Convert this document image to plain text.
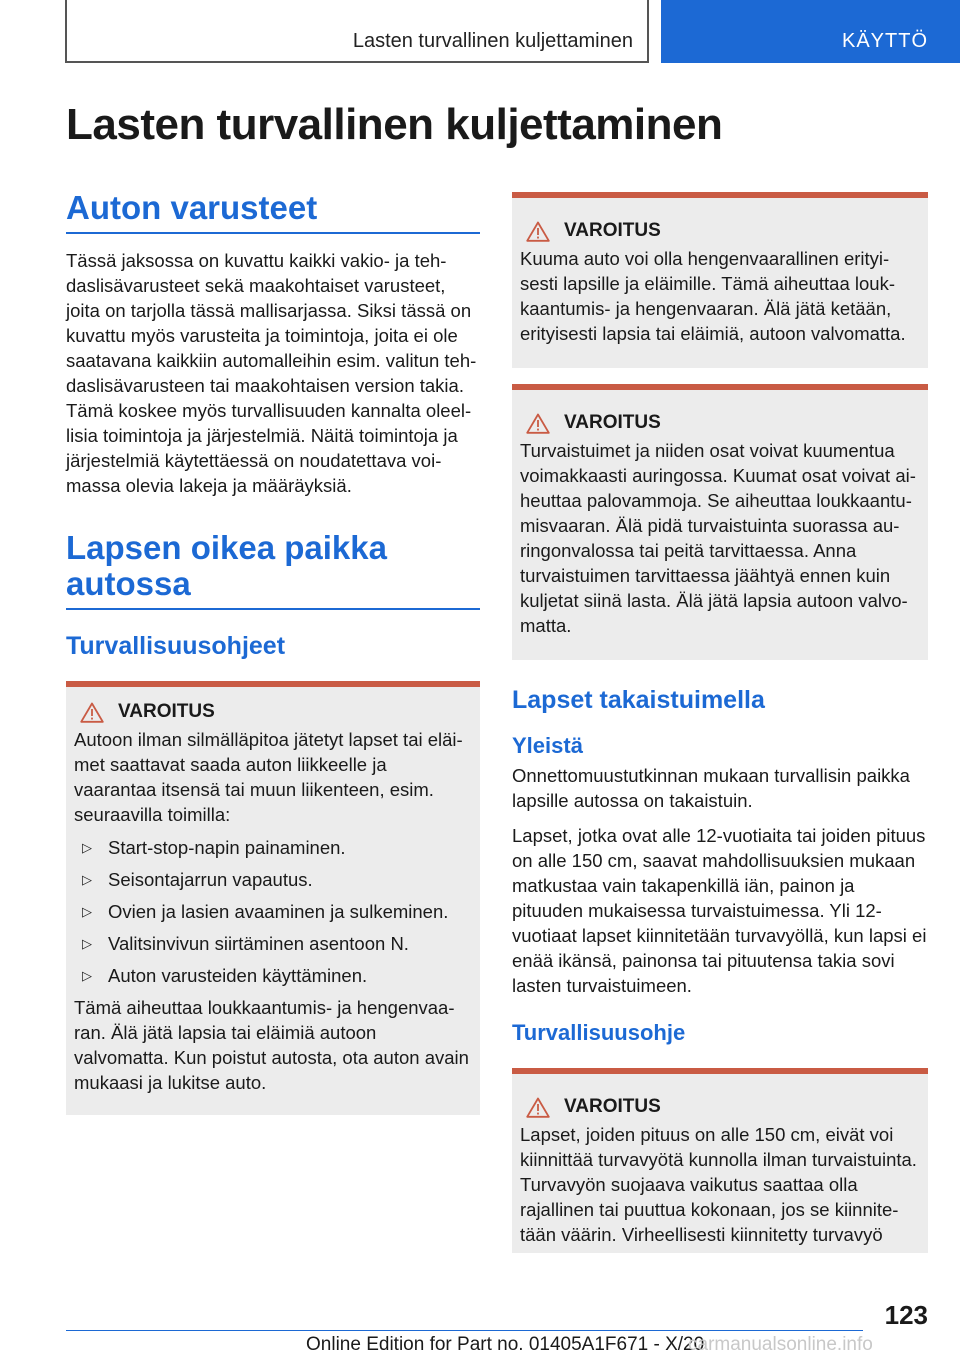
Lasten turvallinen kuljettaminen	KÄYTTÖ
Lasten turvallinen kuljettaminen
Auton varusteet

Tässä jaksossa on kuvattu kaikki vakio- ja tehdaslisävarusteet sekä maakohtaiset varusteet, joita on tarjolla tässä mallisarjassa. Siksi tässä on kuvattu myös varusteita ja toimintoja, joita ei ole saatavana kaikkiin automalleihin esim. valitun tehdaslisävarusteen tai maakohtaisen version takia. Tämä koskee myös turvallisuuden kannalta oleellisia toimintoja ja järjestelmiä. Näitä toimintoja ja järjestelmiä käytettäessä on noudatettava voimassa olevia lakeja ja määräyksiä.

Lapsen oikea paikka autossa
Turvallisuusohjeet
VAROITUS

Autoon ilman silmälläpitoa jätetyt lapset tai eläimet saattavat saada auton liikkeelle ja vaarantaa itsensä tai muun liikenteen, esim. seuraavilla toimilla:

▷ Start-stop-napin painaminen.
▷ Seisontajarrun vapautus.
▷ Ovien ja lasien avaaminen ja sulkeminen.
▷ Valitsinvivun siirtäminen asentoon N.
▷ Auton varusteiden käyttäminen.

Tämä aiheuttaa loukkaantumis- ja hengenvaaran. Älä jätä lapsia tai eläimiä autoon valvomatta. Kun poistut autosta, ota auton avain mukaasi ja lukitse auto.

VAROITUS

Kuuma auto voi olla hengenvaarallinen erityisesti lapsille ja eläimille. Tämä aiheuttaa loukkaantumis- ja hengenvaaran. Älä jätä ketään, erityisesti lapsia tai eläimiä, autoon valvomatta.

VAROITUS

Turvaistuimet ja niiden osat voivat kuumentua voimakkaasti auringossa. Kuumat osat voivat aiheuttaa palovammoja. Se aiheuttaa loukkaantumisvaaran. Älä pidä turvaistuinta suorassa auringonvalossa tai peitä tarvittaessa. Anna turvaistuimen tarvittaessa jäähtyä ennen kuin kuljetat siinä lasta. Älä jätä lapsia autoon valvomatta.

Lapset takaistuimella
Yleistä

Onnettomuustutkinnan mukaan turvallisin paikka lapsille autossa on takaistuin.

Lapset, jotka ovat alle 12-vuotiaita tai joiden pituus on alle 150 cm, saavat mahdollisuuksien mukaan matkustaa vain takapenkillä iän, painon ja pituuden mukaisessa turvaistuimessa. Yli 12-vuotiaat lapset kiinnitetään turvavyöllä, kun lapsi ei enää ikänsä, painonsa tai pituutensa takia sovi lasten turvaistuimeen.

Turvallisuusohje
VAROITUS

Lapset, joiden pituus on alle 150 cm, eivät voi kiinnittää turvavyötä kunnolla ilman turvaistuinta. Turvavyön suojaava vaikutus saattaa olla rajallinen tai puuttua kokonaan, jos se kiinnitetään väärin. Virheellisesti kiinnitetty turvavyö

123
Online Edition for Part no. 01405A1F671 - X/20
carmanualsonline.info
